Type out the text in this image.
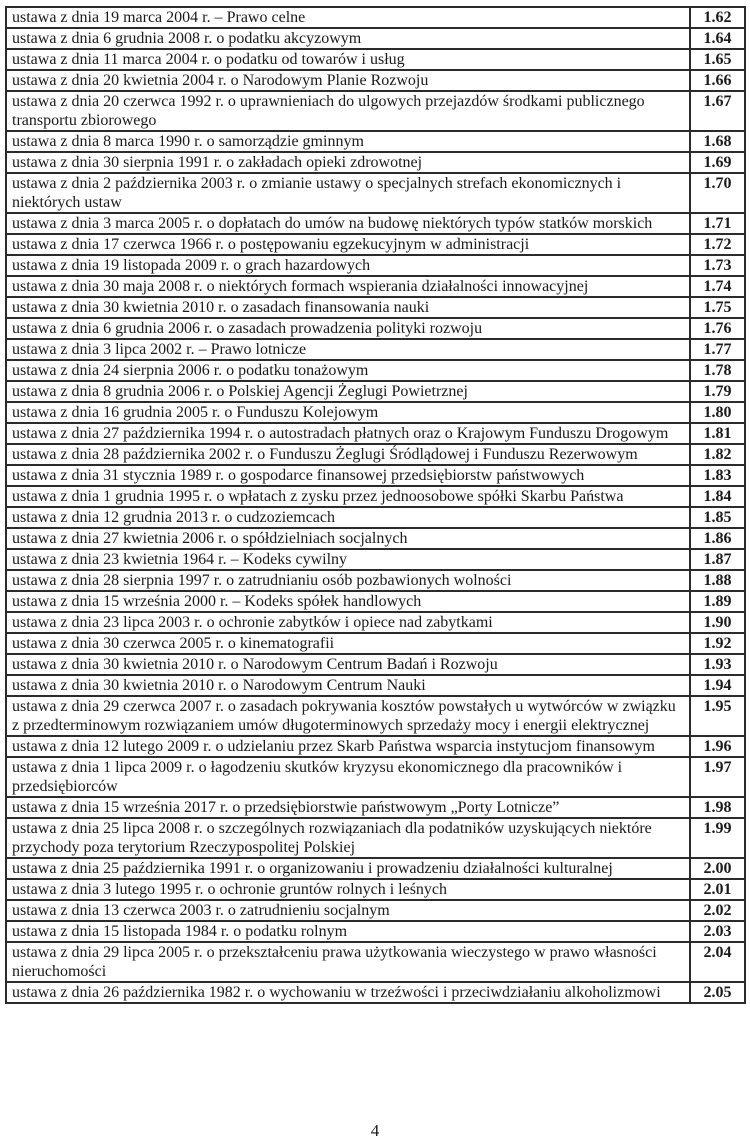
ustawa z dnia 19 marca 2004 r. – Prawo celne	1.62
ustawa z dnia 6 grudnia 2008 r. o podatku akcyzowym	1.64
ustawa z dnia 11 marca 2004 r. o podatku od towarów i usług	1.65
ustawa z dnia 20 kwietnia 2004 r. o Narodowym Planie Rozwoju	1.66
ustawa z dnia 20 czerwca 1992 r. o uprawnieniach do ulgowych przejazdów środkami publicznego transportu zbiorowego	1.67
ustawa z dnia 8 marca 1990 r. o samorządzie gminnym	1.68
ustawa z dnia 30 sierpnia 1991 r. o zakładach opieki zdrowotnej	1.69
ustawa z dnia 2 października 2003 r. o zmianie ustawy o specjalnych strefach ekonomicznych i niektórych ustaw	1.70
ustawa z dnia 3 marca 2005 r. o dopłatach do umów na budowę niektórych typów statków morskich	1.71
ustawa z dnia 17 czerwca 1966 r. o postępowaniu egzekucyjnym w administracji	1.72
ustawa z dnia 19 listopada 2009 r. o grach hazardowych	1.73
ustawa z dnia 30 maja 2008 r. o niektórych formach wspierania działalności innowacyjnej	1.74
ustawa z dnia 30 kwietnia 2010 r. o zasadach finansowania nauki	1.75
ustawa z dnia 6 grudnia 2006 r. o zasadach prowadzenia polityki rozwoju	1.76
ustawa z dnia 3 lipca 2002 r. – Prawo lotnicze	1.77
ustawa z dnia 24 sierpnia 2006 r. o podatku tonażowym	1.78
ustawa z dnia 8 grudnia 2006 r. o Polskiej Agencji Żeglugi Powietrznej	1.79
ustawa z dnia 16 grudnia 2005 r. o Funduszu Kolejowym	1.80
ustawa z dnia 27 października 1994 r. o autostradach płatnych oraz o Krajowym Funduszu Drogowym	1.81
ustawa z dnia 28 października 2002 r. o Funduszu Żeglugi Śródlądowej i Funduszu Rezerwowym	1.82
ustawa z dnia 31 stycznia 1989 r. o gospodarce finansowej przedsiębiorstw państwowych	1.83
ustawa z dnia 1 grudnia 1995 r. o wpłatach z zysku przez jednoosobowe spółki Skarbu Państwa	1.84
ustawa z dnia 12 grudnia 2013 r. o cudzoziemcach	1.85
ustawa z dnia 27 kwietnia 2006 r. o spółdzielniach socjalnych	1.86
ustawa z dnia 23 kwietnia 1964 r. – Kodeks cywilny	1.87
ustawa z dnia 28 sierpnia 1997 r. o zatrudnianiu osób pozbawionych wolności	1.88
ustawa z dnia 15 września 2000 r. – Kodeks spółek handlowych	1.89
ustawa z dnia 23 lipca 2003 r. o ochronie zabytków i opiece nad zabytkami	1.90
ustawa z dnia 30 czerwca 2005 r. o kinematografii	1.92
ustawa z dnia 30 kwietnia 2010 r. o Narodowym Centrum Badań i Rozwoju	1.93
ustawa z dnia 30 kwietnia 2010 r. o Narodowym Centrum Nauki	1.94
ustawa z dnia 29 czerwca 2007 r. o zasadach pokrywania kosztów powstałych u wytwórców w związku z przedterminowym rozwiązaniem umów długoterminowych sprzedaży mocy i energii elektrycznej	1.95
ustawa z dnia 12 lutego 2009 r. o udzielaniu przez Skarb Państwa wsparcia instytucjom finansowym	1.96
ustawa z dnia 1 lipca 2009 r. o łagodzeniu skutków kryzysu ekonomicznego dla pracowników i przedsiębiorców	1.97
ustawa z dnia 15 września 2017 r. o przedsiębiorstwie państwowym „Porty Lotnicze”	1.98
ustawa z dnia 25 lipca 2008 r. o szczególnych rozwiązaniach dla podatników uzyskujących niektóre przychody poza terytorium Rzeczypospolitej Polskiej	1.99
ustawa z dnia 25 października 1991 r. o organizowaniu i prowadzeniu działalności kulturalnej	2.00
ustawa z dnia 3 lutego 1995 r. o ochronie gruntów rolnych i leśnych	2.01
ustawa z dnia 13 czerwca 2003 r. o zatrudnieniu socjalnym	2.02
ustawa z dnia 15 listopada 1984 r. o podatku rolnym	2.03
ustawa z dnia 29 lipca 2005 r. o przekształceniu prawa użytkowania wieczystego w prawo własności nieruchomości	2.04
ustawa z dnia 26 października 1982 r. o wychowaniu w trzeźwości i przeciwdziałaniu alkoholizmowi	2.05
4
